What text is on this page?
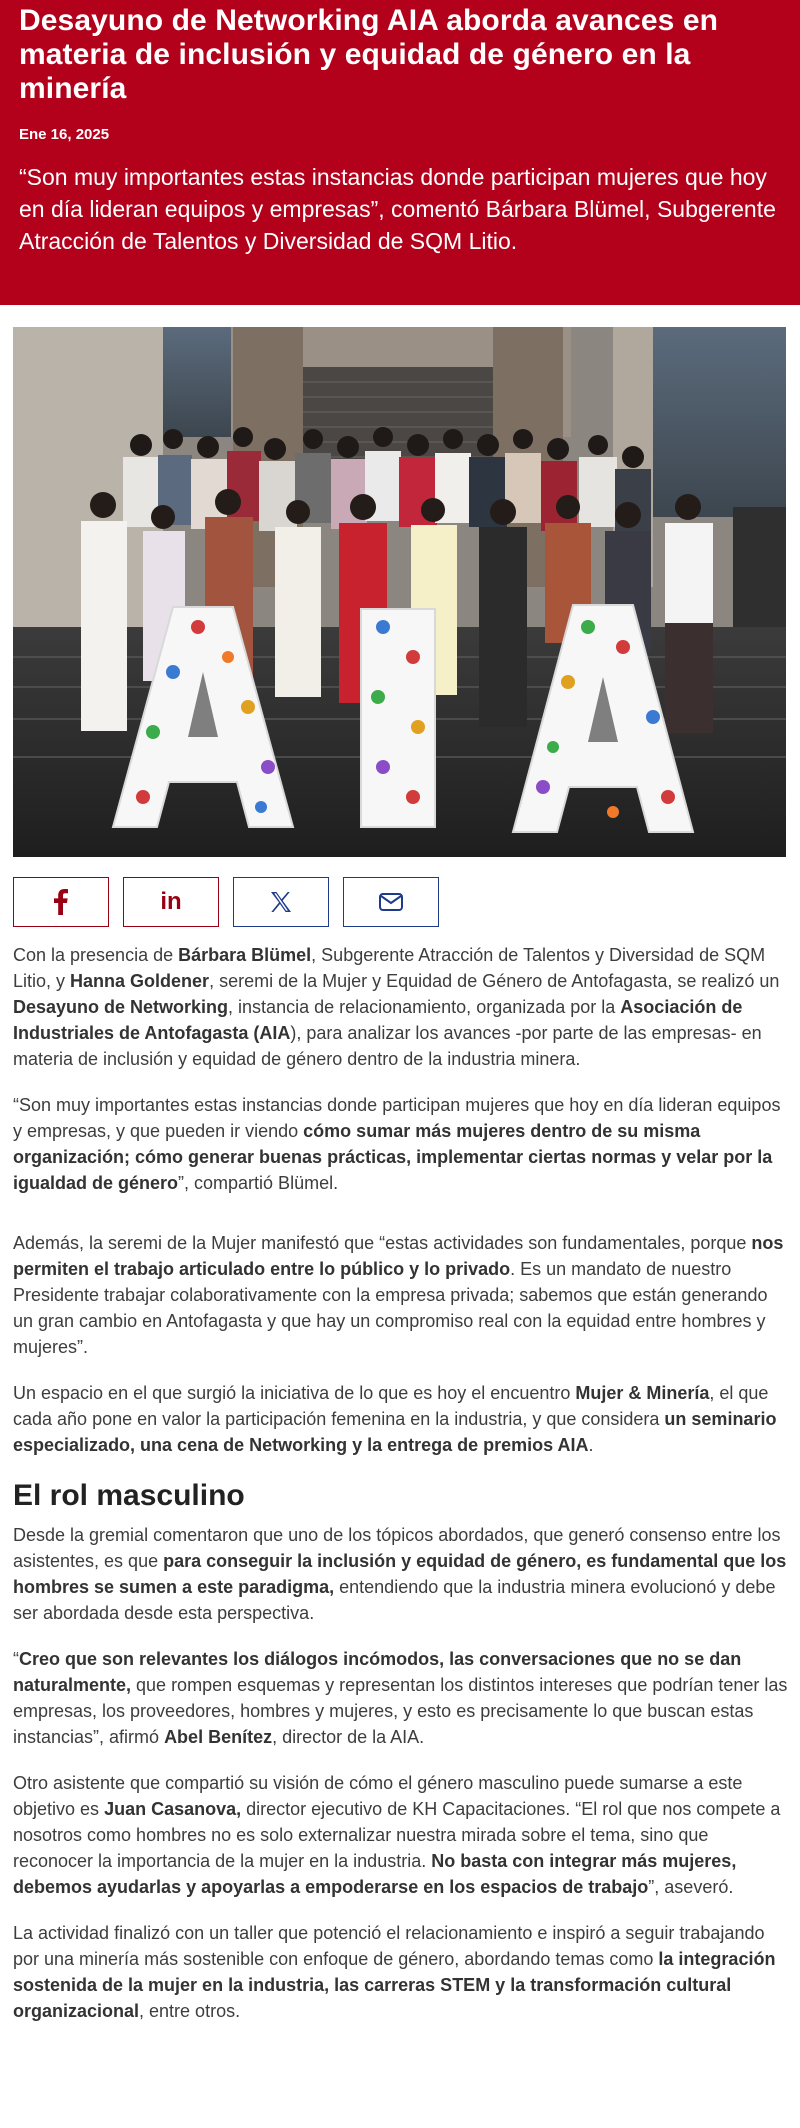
Desayuno de Networking AIA aborda avances en materia de inclusión y equidad de género en la minería
Ene 16, 2025
“Son muy importantes estas instancias donde participan mujeres que hoy en día lideran equipos y empresas”, comentó Bárbara Blümel, Subgerente Atracción de Talentos y Diversidad de SQM Litio.
in

Con la presencia de Bárbara Blümel, Subgerente Atracción de Talentos y Diversidad de SQM Litio, y Hanna Goldener, seremi de la Mujer y Equidad de Género de Antofagasta, se realizó un Desayuno de Networking, instancia de relacionamiento, organizada por la Asociación de Industriales de Antofagasta (AIA), para analizar los avances -por parte de las empresas- en materia de inclusión y equidad de género dentro de la industria minera.

“Son muy importantes estas instancias donde participan mujeres que hoy en día lideran equipos y empresas, y que pueden ir viendo cómo sumar más mujeres dentro de su misma organización; cómo generar buenas prácticas, implementar ciertas normas y velar por la igualdad de género”, compartió Blümel.

Además, la seremi de la Mujer manifestó que “estas actividades son fundamentales, porque nos permiten el trabajo articulado entre lo público y lo privado. Es un mandato de nuestro Presidente trabajar colaborativamente con la empresa privada; sabemos que están generando un gran cambio en Antofagasta y que hay un compromiso real con la equidad entre hombres y mujeres”.

Un espacio en el que surgió la iniciativa de lo que es hoy el encuentro Mujer & Minería, el que cada año pone en valor la participación femenina en la industria, y que considera un seminario especializado, una cena de Networking y la entrega de premios AIA.

El rol masculino

Desde la gremial comentaron que uno de los tópicos abordados, que generó consenso entre los asistentes, es que para conseguir la inclusión y equidad de género, es fundamental que los hombres se sumen a este paradigma, entendiendo que la industria minera evolucionó y debe ser abordada desde esta perspectiva.

“Creo que son relevantes los diálogos incómodos, las conversaciones que no se dan naturalmente, que rompen esquemas y representan los distintos intereses que podrían tener las empresas, los proveedores, hombres y mujeres, y esto es precisamente lo que buscan estas instancias”, afirmó Abel Benítez, director de la AIA.

Otro asistente que compartió su visión de cómo el género masculino puede sumarse a este objetivo es Juan Casanova, director ejecutivo de KH Capacitaciones. “El rol que nos compete a nosotros como hombres no es solo externalizar nuestra mirada sobre el tema, sino que reconocer la importancia de la mujer en la industria. No basta con integrar más mujeres, debemos ayudarlas y apoyarlas a empoderarse en los espacios de trabajo”, aseveró.

La actividad finalizó con un taller que potenció el relacionamiento e inspiró a seguir trabajando por una minería más sostenible con enfoque de género, abordando temas como la integración sostenida de la mujer en la industria, las carreras STEM y la transformación cultural organizacional, entre otros.
